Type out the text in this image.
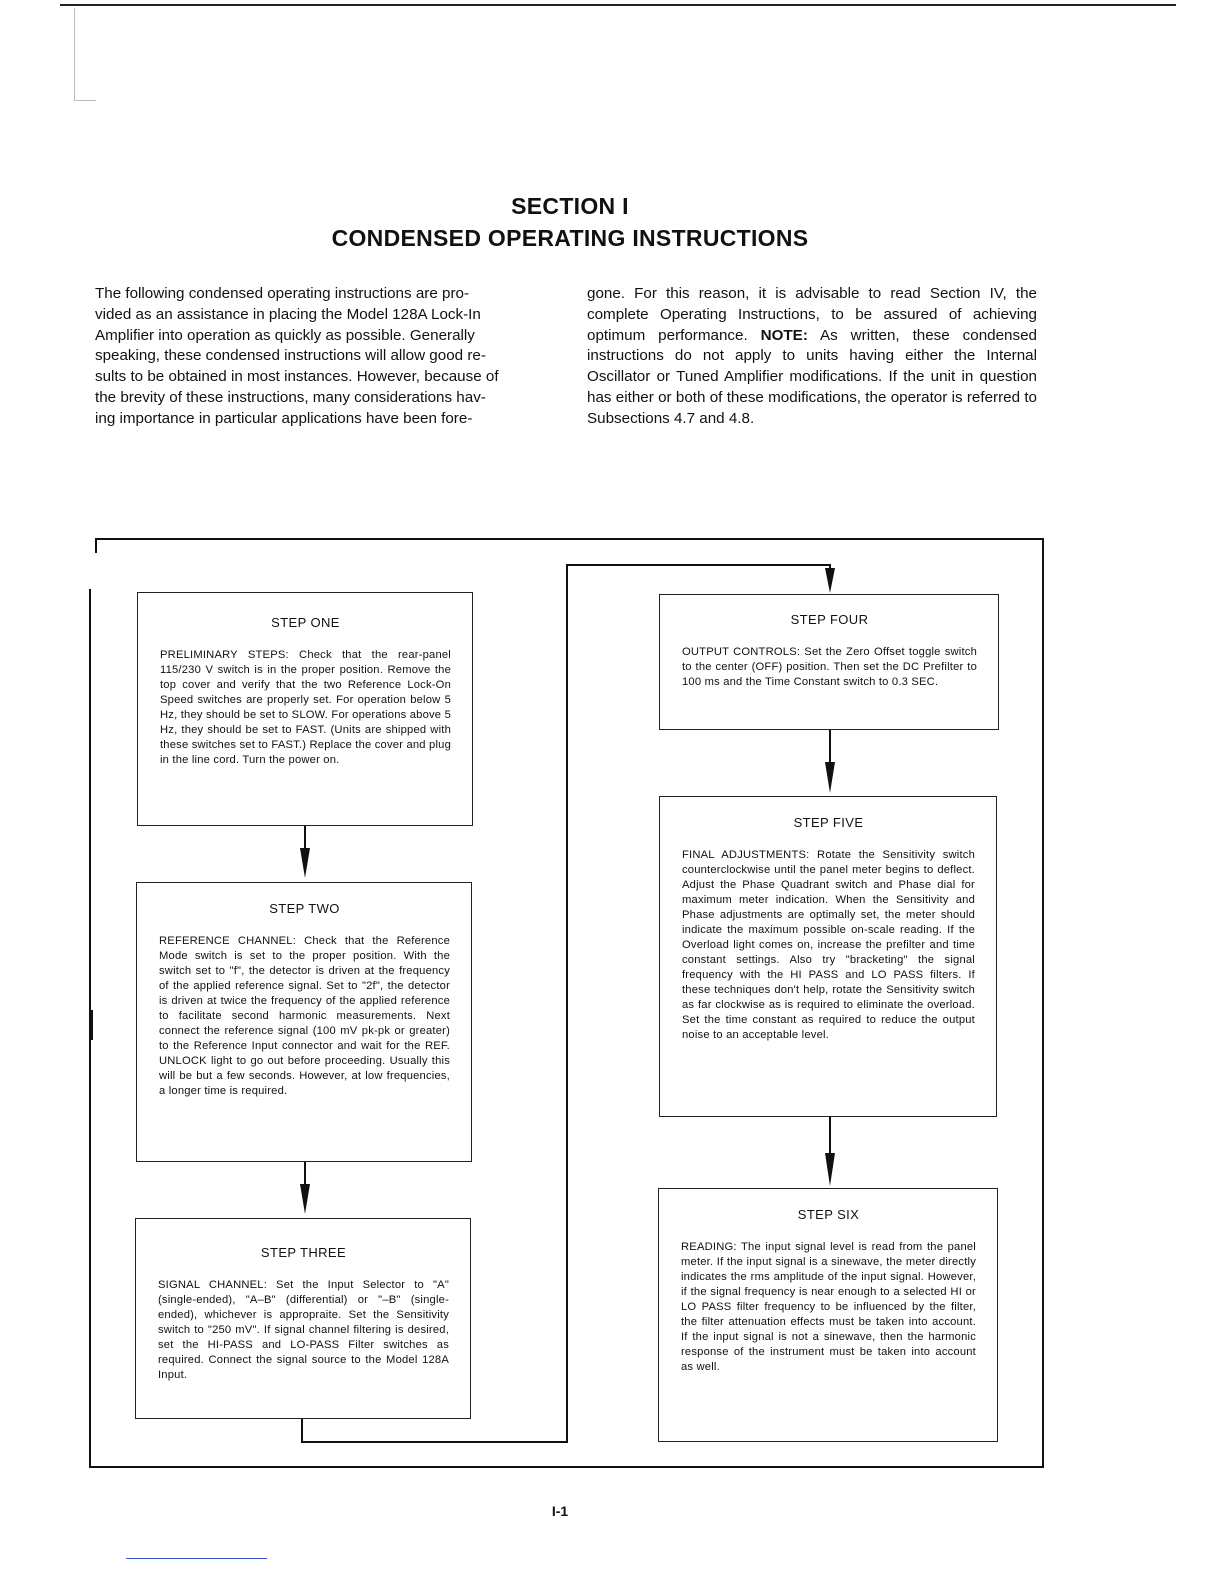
SECTION I
CONDENSED OPERATING INSTRUCTIONS
The following condensed operating instructions are pro-
vided as an assistance in placing the Model 128A Lock-In
Amplifier into operation as quickly as possible. Generally
speaking, these condensed instructions will allow good re-
sults to be obtained in most instances. However, because of
the brevity of these instructions, many considerations hav-
ing importance in particular applications have been fore-
gone. For this reason, it is advisable to read Section IV, the complete Operating Instructions, to be assured of achieving optimum performance. NOTE: As written, these condensed instructions do not apply to units having either the Internal Oscillator or Tuned Amplifier modifications. If the unit in question has either or both of these modifications, the operator is referred to Subsections 4.7 and 4.8.
STEP ONE
PRELIMINARY STEPS: Check that the rear-panel 115/230 V switch is in the proper position. Remove the top cover and verify that the two Reference Lock-On Speed switches are properly set. For operation below 5 Hz, they should be set to SLOW. For operations above 5 Hz, they should be set to FAST. (Units are shipped with these switches set to FAST.) Replace the cover and plug in the line cord. Turn the power on.
STEP TWO
REFERENCE CHANNEL: Check that the Reference Mode switch is set to the proper position. With the switch set to "f", the detector is driven at the frequency of the applied reference signal. Set to "2f", the detector is driven at twice the frequency of the applied reference to facilitate second harmonic measurements. Next connect the reference signal (100 mV pk-pk or greater) to the Reference Input connector and wait for the REF. UNLOCK light to go out before proceeding. Usually this will be but a few seconds. However, at low frequencies, a longer time is required.
STEP THREE
SIGNAL CHANNEL: Set the Input Selector to "A" (single-ended), "A–B" (differential) or "–B" (single-ended), whichever is appropraite. Set the Sensitivity switch to "250 mV". If signal channel filtering is desired, set the HI-PASS and LO-PASS Filter switches as required. Connect the signal source to the Model 128A Input.
STEP FOUR
OUTPUT CONTROLS: Set the Zero Offset toggle switch to the center (OFF) position. Then set the DC Prefilter to 100 ms and the Time Constant switch to 0.3 SEC.
STEP FIVE
FINAL ADJUSTMENTS: Rotate the Sensitivity switch counterclockwise until the panel meter begins to deflect. Adjust the Phase Quadrant switch and Phase dial for maximum meter indication. When the Sensitivity and Phase adjustments are optimally set, the meter should indicate the maximum possible on-scale reading. If the Overload light comes on, increase the prefilter and time constant settings. Also try "bracketing" the signal frequency with the HI PASS and LO PASS filters. If these techniques don't help, rotate the Sensitivity switch as far clockwise as is required to eliminate the overload. Set the time constant as required to reduce the output noise to an acceptable level.
STEP SIX
READING: The input signal level is read from the panel meter. If the input signal is a sinewave, the meter directly indicates the rms amplitude of the input signal. However, if the signal frequency is near enough to a selected HI or LO PASS filter frequency to be influenced by the filter, the filter attenuation effects must be taken into account. If the input signal is not a sinewave, then the harmonic response of the instrument must be taken into account as well.
I-1
